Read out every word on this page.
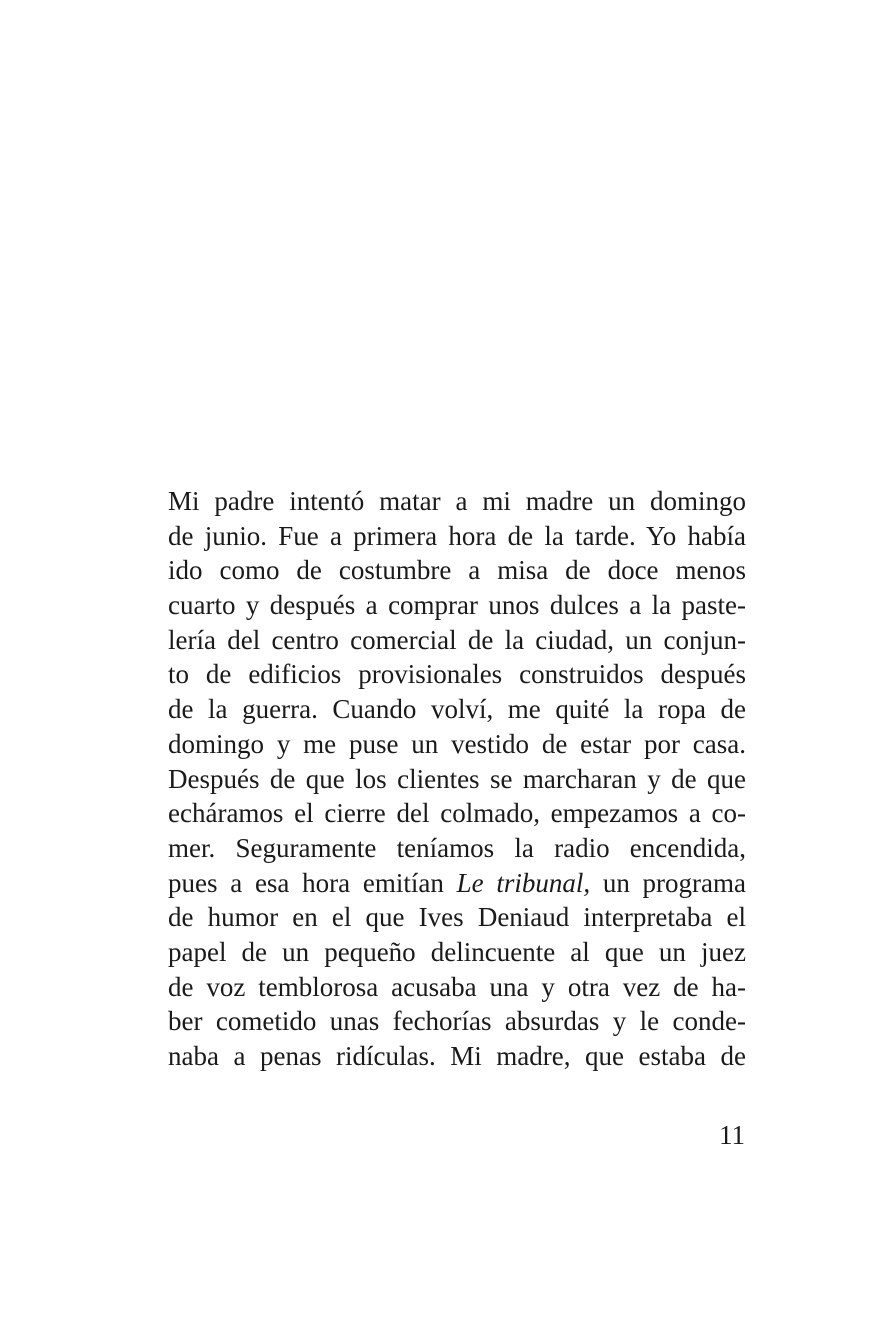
Mi padre intentó matar a mi madre un domingo
de junio. Fue a primera hora de la tarde. Yo había
ido como de costumbre a misa de doce menos
cuarto y después a comprar unos dulces a la paste-
lería del centro comercial de la ciudad, un conjun-
to de edificios provisionales construidos después
de la guerra. Cuando volví, me quité la ropa de
domingo y me puse un vestido de estar por casa.
Después de que los clientes se marcharan y de que
echáramos el cierre del colmado, empezamos a co-
mer. Seguramente teníamos la radio encendida,
pues a esa hora emitían Le tribunal, un programa
de humor en el que Ives Deniaud interpretaba el
papel de un pequeño delincuente al que un juez
de voz temblorosa acusaba una y otra vez de ha-
ber cometido unas fechorías absurdas y le conde-
naba a penas ridículas. Mi madre, que estaba de
11
